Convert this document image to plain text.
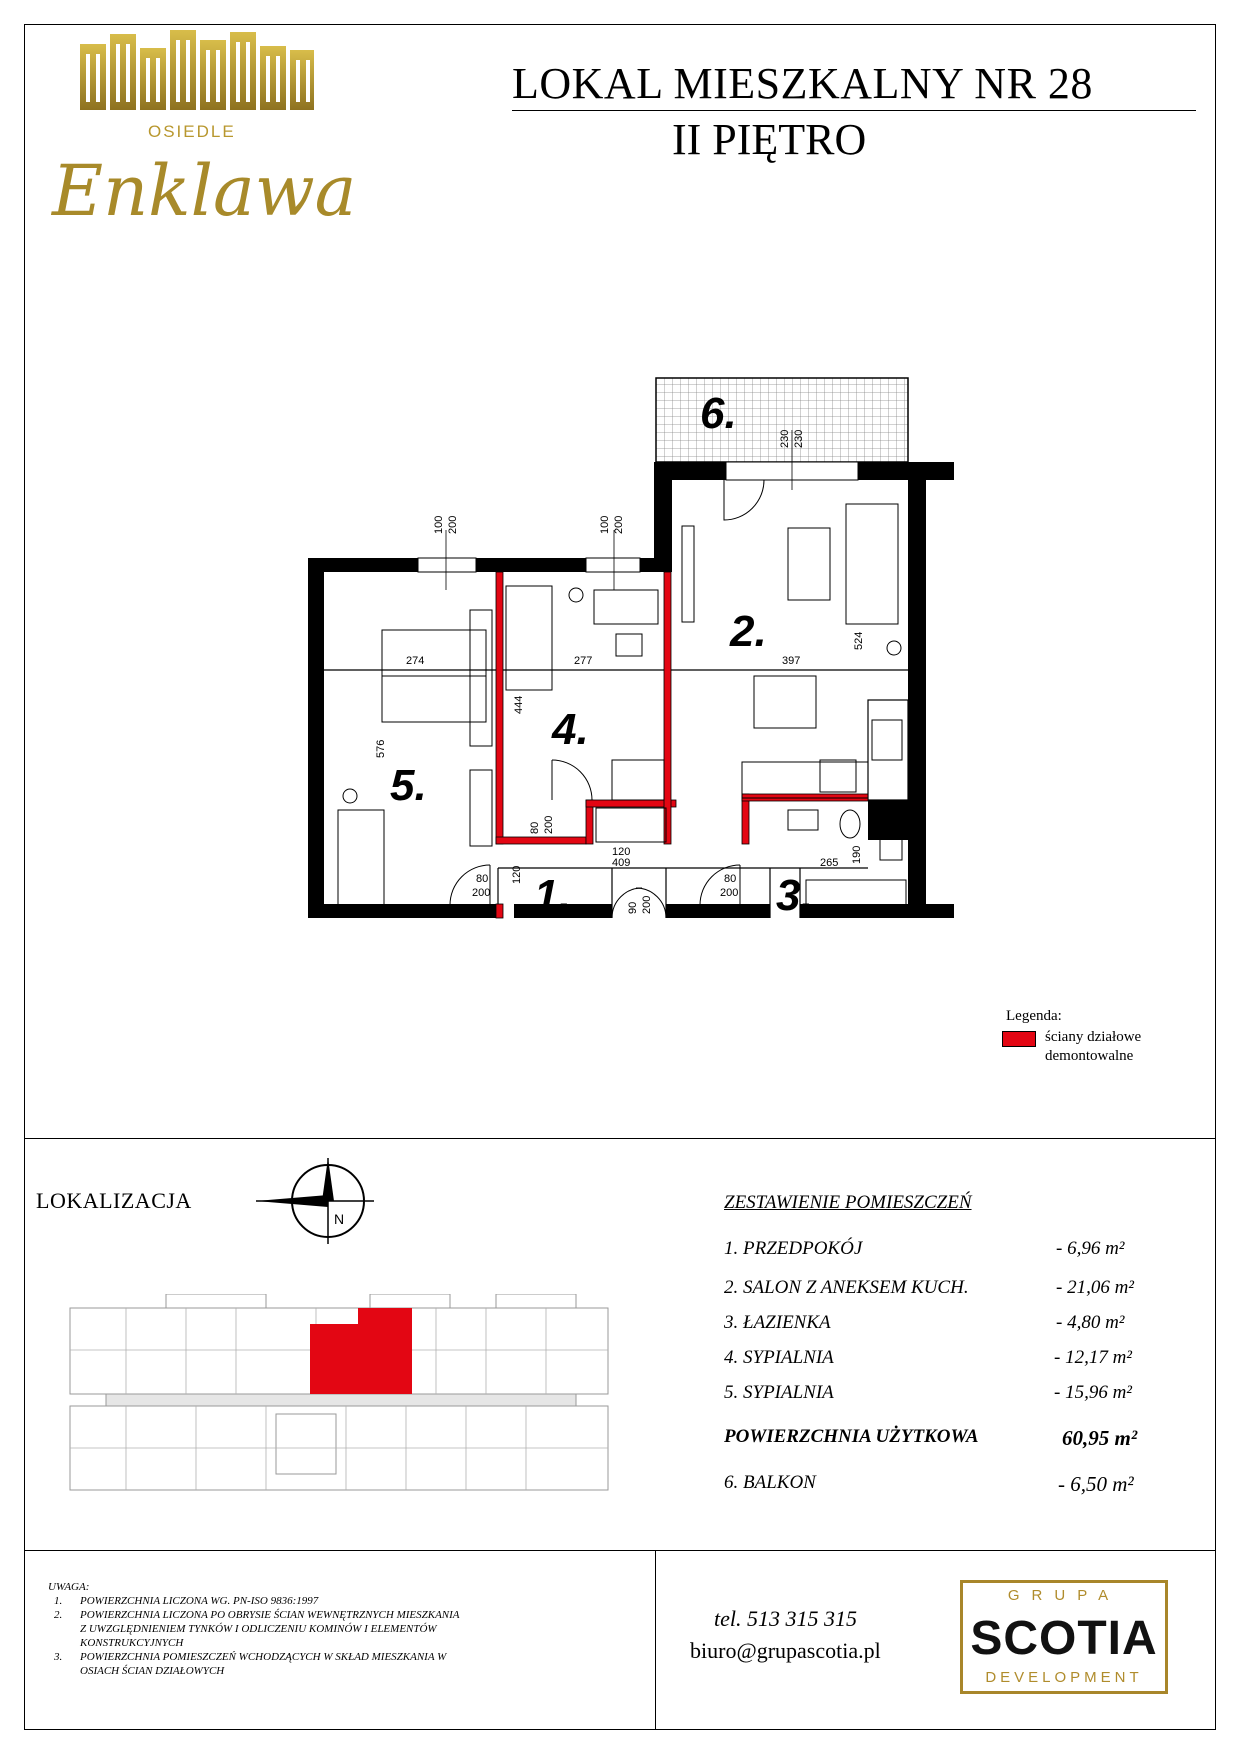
OSIEDLE
Enklawa
LOKAL MIESZKALNY NR 28
II PIĘTRO
1.
2.
3.
4.
5.
6.
274	277	397
524
576
444
409	265 190
120
120
100 200	100 200
230 230
80
200
80
200
80 200
90 200
Legenda:
ściany działowe
demontowalne
LOKALIZACJA
N
ZESTAWIENIE POMIESZCZEŃ
1. PRZEDPOKÓJ	- 6,96 m²
2. SALON Z ANEKSEM KUCH.	- 21,06 m²
3. ŁAZIENKA	- 4,80 m²
4. SYPIALNIA	- 12,17 m²
5. SYPIALNIA	- 15,96 m²
POWIERZCHNIA UŻYTKOWA	60,95 m²
6. BALKON	- 6,50 m²
UWAGA:
1. POWIERZCHNIA LICZONA WG. PN-ISO 9836:1997
2. POWIERZCHNIA LICZONA PO OBRYSIE ŚCIAN WEWNĘTRZNYCH MIESZKANIA
Z UWZGLĘDNIENIEM TYNKÓW I ODLICZENIU KOMINÓW I ELEMENTÓW
KONSTRUKCYJNYCH
3. POWIERZCHNIA POMIESZCZEŃ WCHODZĄCYCH W SKŁAD MIESZKANIA W
OSIACH ŚCIAN DZIAŁOWYCH
tel. 513 315 315
biuro@grupascotia.pl
GRUPA
SCOTIA
DEVELOPMENT
